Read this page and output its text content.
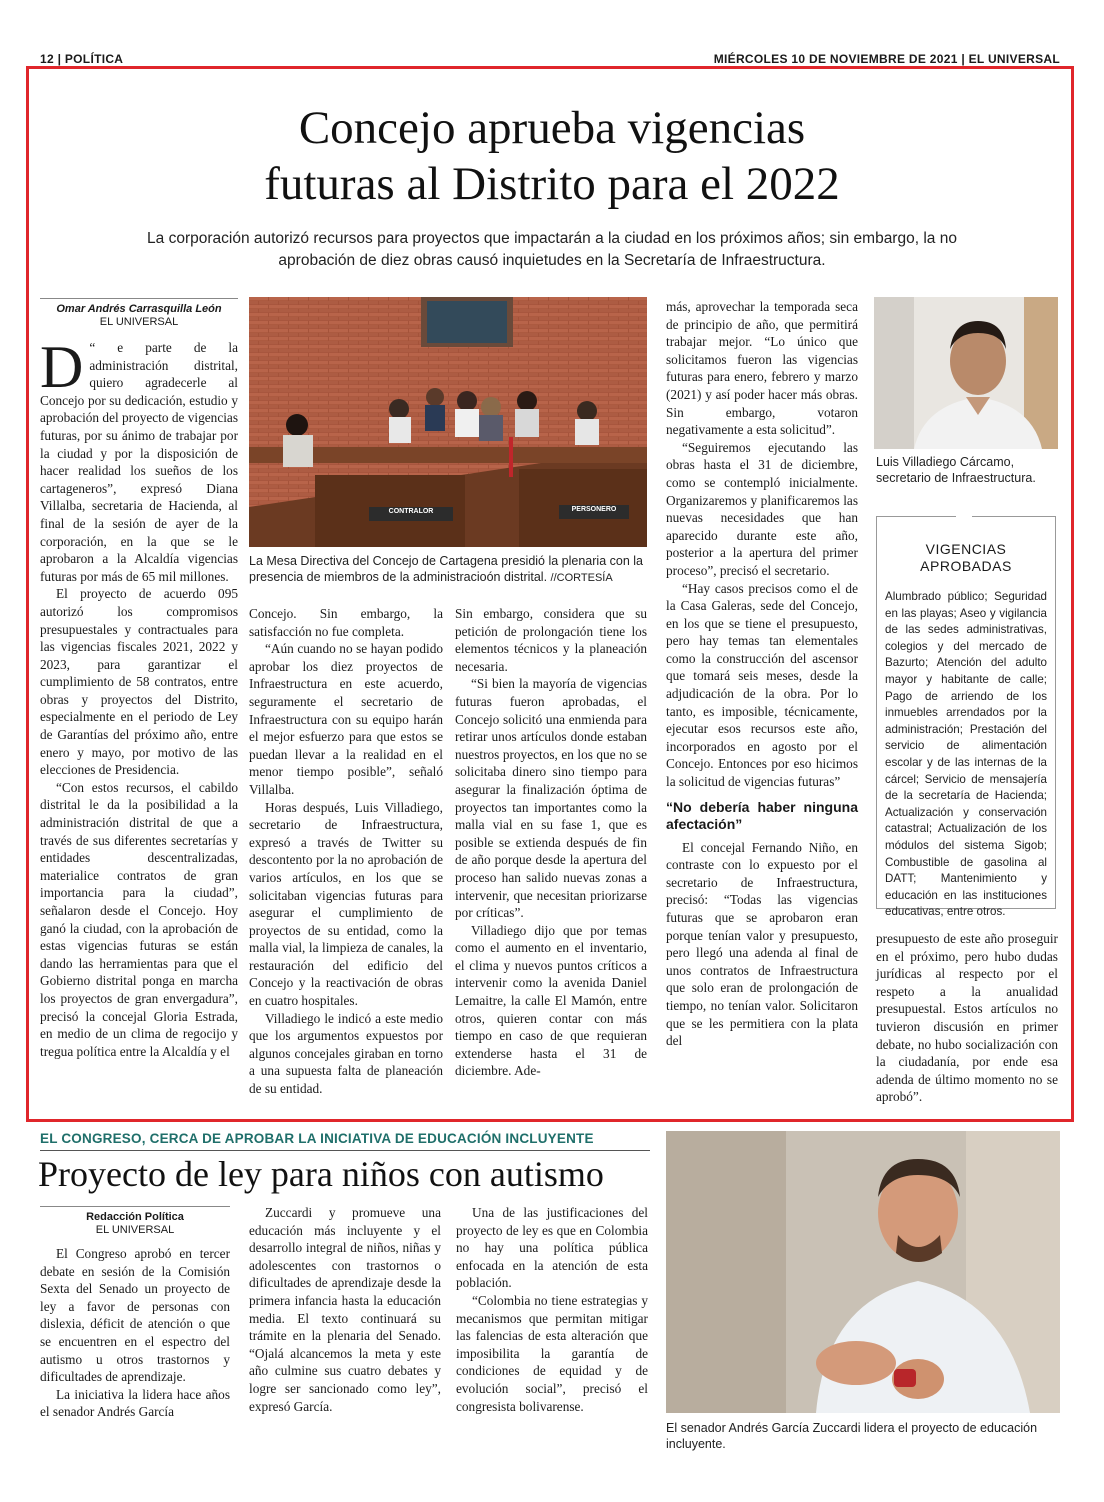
12 | POLÍTICA	MIÉRCOLES 10 DE NOVIEMBRE DE 2021 | EL UNIVERSAL
Concejo aprueba vigencias
futuras al Distrito para el 2022
La corporación autorizó recursos para proyectos que impactarán a la ciudad en los próximos años; sin embargo, la no aprobación de diez obras causó inquietudes en la Secretaría de Infraestructura.
Omar Andrés Carrasquilla León
EL UNIVERSAL

D “ e parte de la administración distrital, quiero agradecerle al Concejo por su dedicación, estudio y aprobación del proyecto de vigencias futuras, por su ánimo de trabajar por la ciudad y por la disposición de hacer realidad los sueños de los cartageneros”, expresó Diana Villalba, secretaria de Hacienda, al final de la sesión de ayer de la corporación, en la que se le aprobaron a la Alcaldía vigencias futuras por más de 65 mil millones.

El proyecto de acuerdo 095 autorizó los compromisos presupuestales y contractuales para las vigencias fiscales 2021, 2022 y 2023, para garantizar el cumplimiento de 58 contratos, entre obras y proyectos del Distrito, especialmente en el periodo de Ley de Garantías del próximo año, entre enero y mayo, por motivo de las elecciones de Presidencia.

“Con estos recursos, el cabildo distrital le da la posibilidad a la administración distrital de que a través de sus diferentes secretarías y entidades descentralizadas, materialice contratos de gran importancia para la ciudad”, señalaron desde el Concejo. Hoy ganó la ciudad, con la aprobación de estas vigencias futuras se están dando las herramientas para que el Gobierno distrital ponga en marcha los proyectos de gran envergadura”, precisó la concejal Gloria Estrada, en medio de un clima de regocijo y tregua política entre la Alcaldía y el

CONTRALOR	PERSONERO
La Mesa Directiva del Concejo de Cartagena presidió la plenaria con la presencia de miembros de la administracioón distrital. //CORTESÍA

Concejo. Sin embargo, la satisfacción no fue completa.

“Aún cuando no se hayan podido aprobar los diez proyectos de Infraestructura en este acuerdo, seguramente el secretario de Infraestructura con su equipo harán el mejor esfuerzo para que estos se puedan llevar a la realidad en el menor tiempo posible”, señaló Villalba.

Horas después, Luis Villadiego, secretario de Infraestructura, expresó a través de Twitter su descontento por la no aprobación de varios artículos, en los que se solicitaban vigencias futuras para asegurar el cumplimiento de proyectos de su entidad, como la malla vial, la limpieza de canales, la restauración del edificio del Concejo y la reactivación de obras en cuatro hospitales.

Villadiego le indicó a este medio que los argumentos expuestos por algunos concejales giraban en torno a una supuesta falta de planeación de su entidad.

Sin embargo, considera que su petición de prolongación tiene los elementos técnicos y la planeación necesaria.

“Si bien la mayoría de vigencias futuras fueron aprobadas, el Concejo solicitó una enmienda para retirar unos artículos donde estaban nuestros proyectos, en los que no se solicitaba dinero sino tiempo para asegurar la finalización óptima de proyectos tan importantes como la malla vial en su fase 1, que es posible se extienda después de fin de año porque desde la apertura del proceso han salido nuevas zonas a intervenir, que necesitan priorizarse por críticas”.

Villadiego dijo que por temas como el aumento en el inventario, el clima y nuevos puntos críticos a intervenir como la avenida Daniel Lemaitre, la calle El Mamón, entre otros, quieren contar con más tiempo en caso de que requieran extenderse hasta el 31 de diciembre. Ade-

más, aprovechar la temporada seca de principio de año, que permitirá trabajar mejor. “Lo único que solicitamos fueron las vigencias futuras para enero, febrero y marzo (2021) y así poder hacer más obras. Sin embargo, votaron negativamente a esta solicitud”.

“Seguiremos ejecutando las obras hasta el 31 de diciembre, como se contempló inicialmente. Organizaremos y planificaremos las nuevas necesidades que han aparecido durante este año, posterior a la apertura del primer proceso”, precisó el secretario.

“Hay casos precisos como el de la Casa Galeras, sede del Concejo, en los que se tiene el presupuesto, pero hay temas tan elementales como la construcción del ascensor que tomará seis meses, desde la adjudicación de la obra. Por lo tanto, es imposible, técnicamente, ejecutar esos recursos este año, incorporados en agosto por el Concejo. Entonces por eso hicimos la solicitud de vigencias futuras”

“No debería haber ninguna afectación”

El concejal Fernando Niño, en contraste con lo expuesto por el secretario de Infraestructura, precisó: “Todas las vigencias futuras que se aprobaron eran porque tenían valor y presupuesto, pero llegó una adenda al final de unos contratos de Infraestructura que solo eran de prolongación de tiempo, no tenían valor. Solicitaron que se les permitiera con la plata del

Luis Villadiego Cárcamo, secretario de Infraestructura.
VIGENCIAS
APROBADAS
Alumbrado público; Seguridad en las playas; Aseo y vigilancia de las sedes administrativas, colegios y del mercado de Bazurto; Atención del adulto mayor y habitante de calle; Pago de arriendo de los inmuebles arrendados por la administración; Prestación del servicio de alimentación escolar y de las internas de la cárcel; Servicio de mensajería de la secretaría de Hacienda; Actualización y conservación catastral; Actualización de los módulos del sistema Sigob; Combustible de gasolina al DATT; Mantenimiento y educación en las instituciones educativas, entre otros.

presupuesto de este año proseguir en el próximo, pero hubo dudas jurídicas al respecto por el respeto a la anualidad presupuestal. Estos artículos no tuvieron discusión en primer debate, no hubo socialización con la ciudadanía, por ende esa adenda de último momento no se aprobó”.

EL CONGRESO, CERCA DE APROBAR LA INICIATIVA DE EDUCACIÓN INCLUYENTE
Proyecto de ley para niños con autismo
Redacción Política
EL UNIVERSAL

El Congreso aprobó en tercer debate en sesión de la Comisión Sexta del Senado un proyecto de ley a favor de personas con dislexia, déficit de atención o que se encuentren en el espectro del autismo u otros trastornos y dificultades de aprendizaje.

La iniciativa la lidera hace años el senador Andrés García

Zuccardi y promueve una educación más incluyente y el desarrollo integral de niños, niñas y adolescentes con trastornos o dificultades de aprendizaje desde la primera infancia hasta la educación media. El texto continuará su trámite en la plenaria del Senado. “Ojalá alcancemos la meta y este año culmine sus cuatro debates y logre ser sancionado como ley”, expresó García.

Una de las justificaciones del proyecto de ley es que en Colombia no hay una política pública enfocada en la atención de esta población.

“Colombia no tiene estrategias y mecanismos que permitan mitigar las falencias de esta alteración que imposibilita la garantía de condiciones de equidad y de evolución social”, precisó el congresista bolivarense.

El senador Andrés García Zuccardi lidera el proyecto de educación incluyente.
